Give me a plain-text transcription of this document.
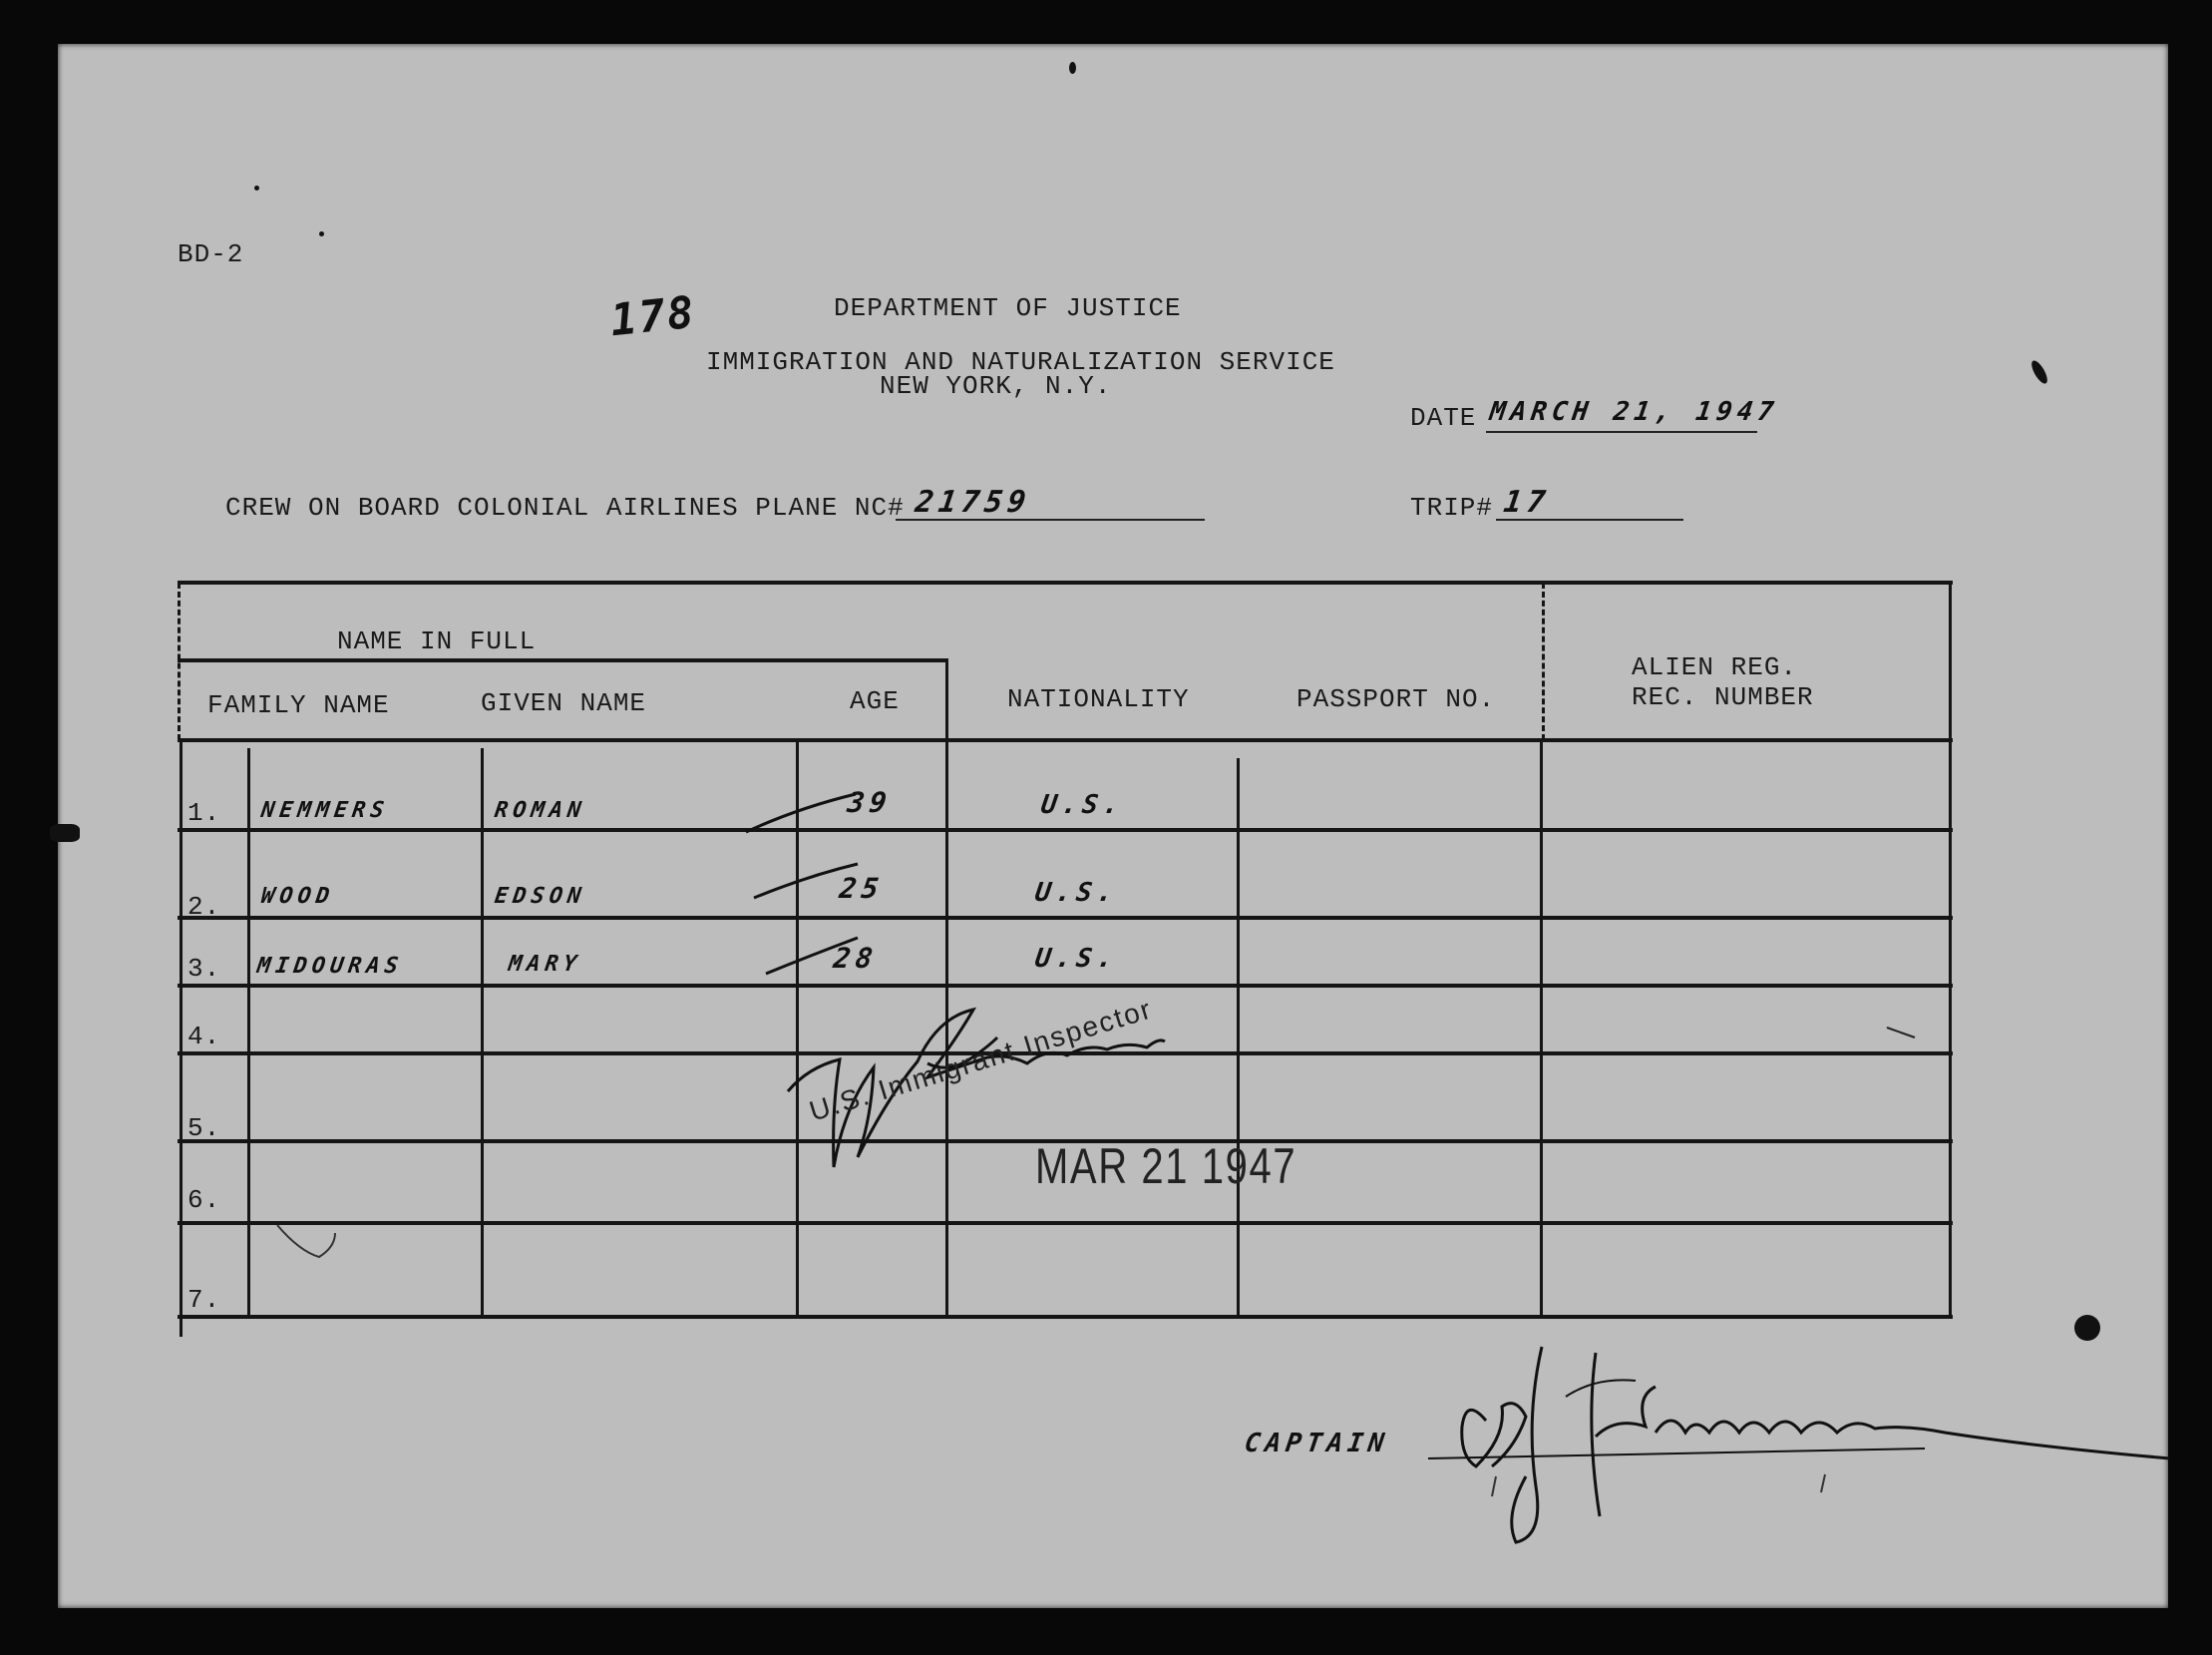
BD-2
178	DEPARTMENT OF JUSTICE
IMMIGRATION AND NATURALIZATION SERVICE
NEW YORK, N.Y.
DATE MARCH 21, 1947
CREW ON BOARD COLONIAL AIRLINES PLANE NC# 21759	TRIP# 17
NAME IN FULL
FAMILY NAME	GIVEN NAME	AGE	NATIONALITY	PASSPORT NO.
ALIEN REG.
REC. NUMBER
1. NEMMERS	ROMAN	39	U.S.
2. WOOD	EDSON	25	U.S.
3. MIDOURAS	MARY	28	U.S.
4.
5.
6.
7.
U.S. Immigrant Inspector
MAR 21 1947
CAPTAIN
